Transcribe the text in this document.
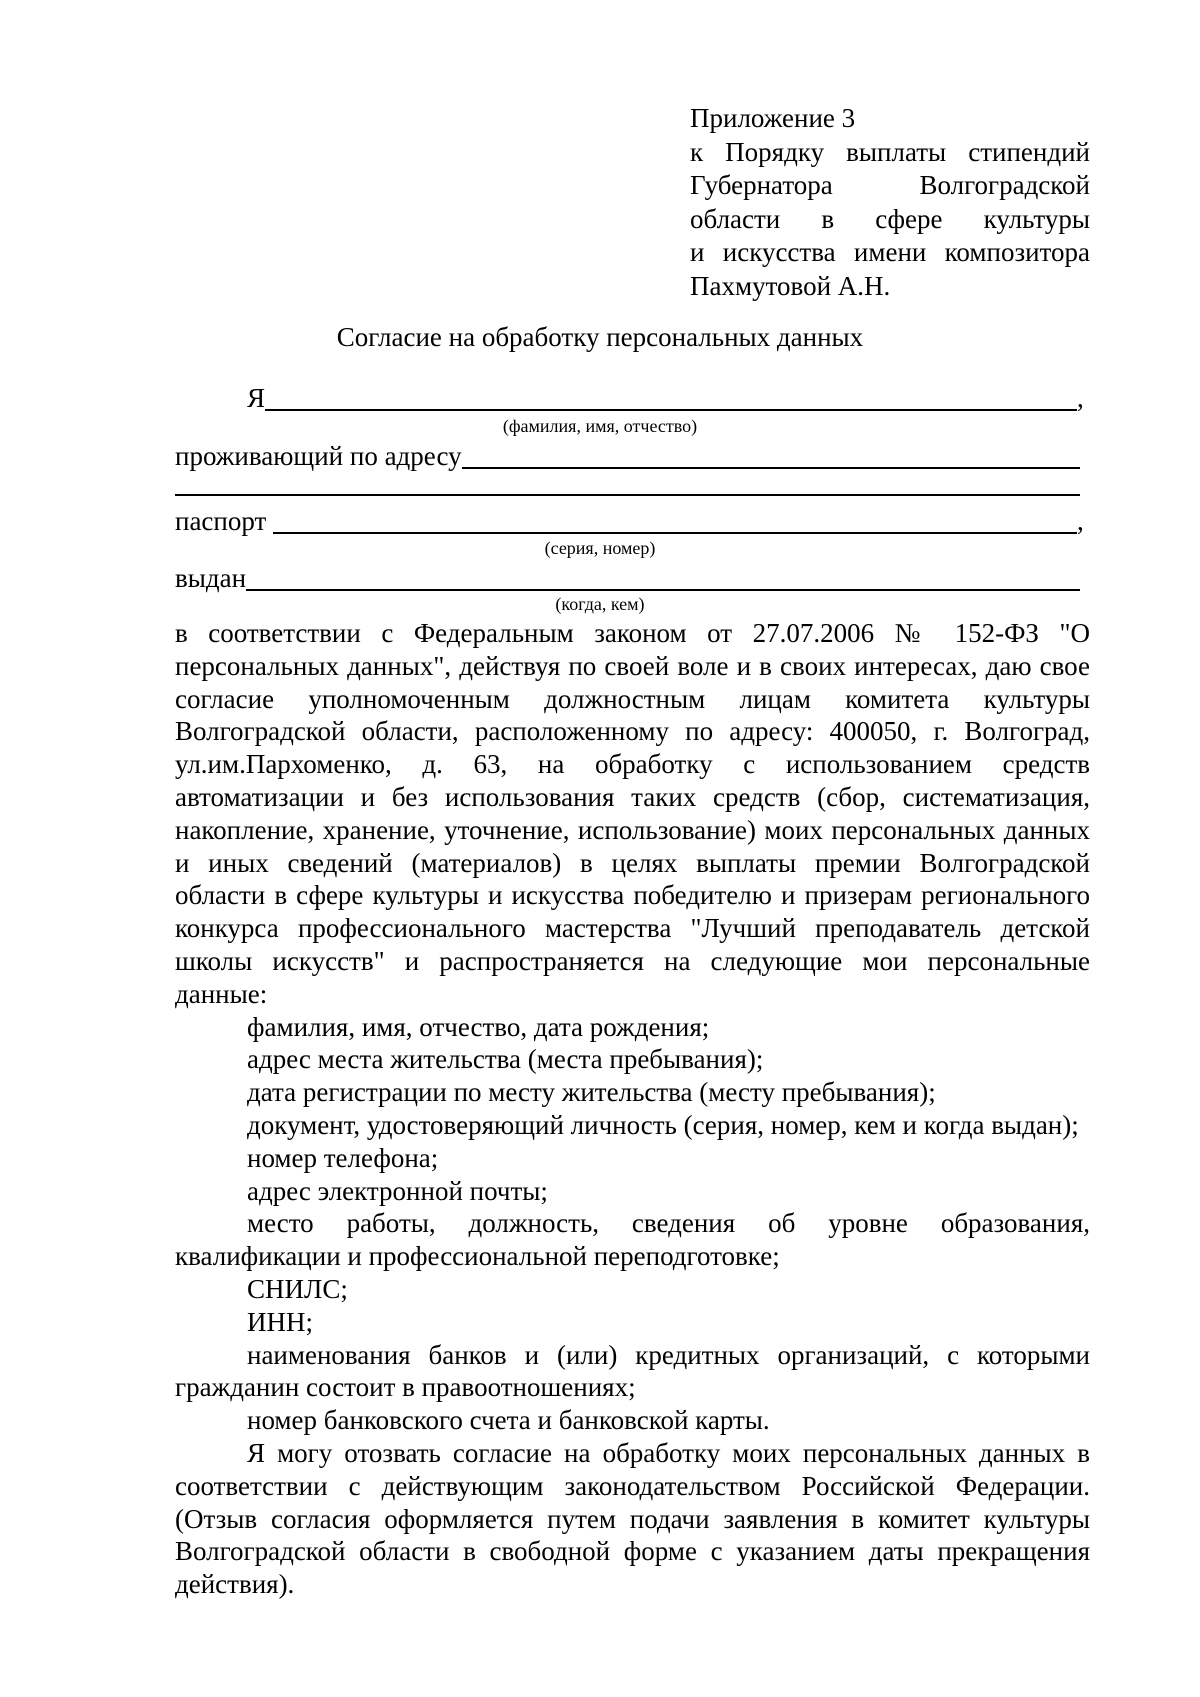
Приложение 3
к Порядку выплаты стипендий
Губернатора Волгоградской
области в сфере культуры
и искусства имени композитора
Пахмутовой А.Н.
Согласие на обработку персональных данных
Я	,
(фамилия, имя, отчество)
проживающий по адресу
паспорт	,
(серия, номер)
выдан
(когда, кем)

в соответствии с Федеральным законом от 27.07.2006 № 152-ФЗ "О персональных данных", действуя по своей воле и в своих интересах, даю свое согласие уполномоченным должностным лицам комитета культуры Волгоградской области, расположенному по адресу: 400050, г. Волгоград, ул.им.Пархоменко, д. 63, на обработку с использованием средств автоматизации и без использования таких средств (сбор, систематизация, накопление, хранение, уточнение, использование) моих персональных данных и иных сведений (материалов) в целях выплаты премии Волгоградской области в сфере культуры и искусства победителю и призерам регионального конкурса профессионального мастерства "Лучший преподаватель детской школы искусств" и распространяется на следующие мои персональные данные:

фамилия, имя, отчество, дата рождения;

адрес места жительства (места пребывания);

дата регистрации по месту жительства (месту пребывания);

документ, удостоверяющий личность (серия, номер, кем и когда выдан);

номер телефона;

адрес электронной почты;

место работы, должность, сведения об уровне образования, квалификации и профессиональной переподготовке;

СНИЛС;

ИНН;

наименования банков и (или) кредитных организаций, с которыми гражданин состоит в правоотношениях;

номер банковского счета и банковской карты.

Я могу отозвать согласие на обработку моих персональных данных в соответствии с действующим законодательством Российской Федерации. (Отзыв согласия оформляется путем подачи заявления в комитет культуры Волгоградской области в свободной форме с указанием даты прекращения действия).
